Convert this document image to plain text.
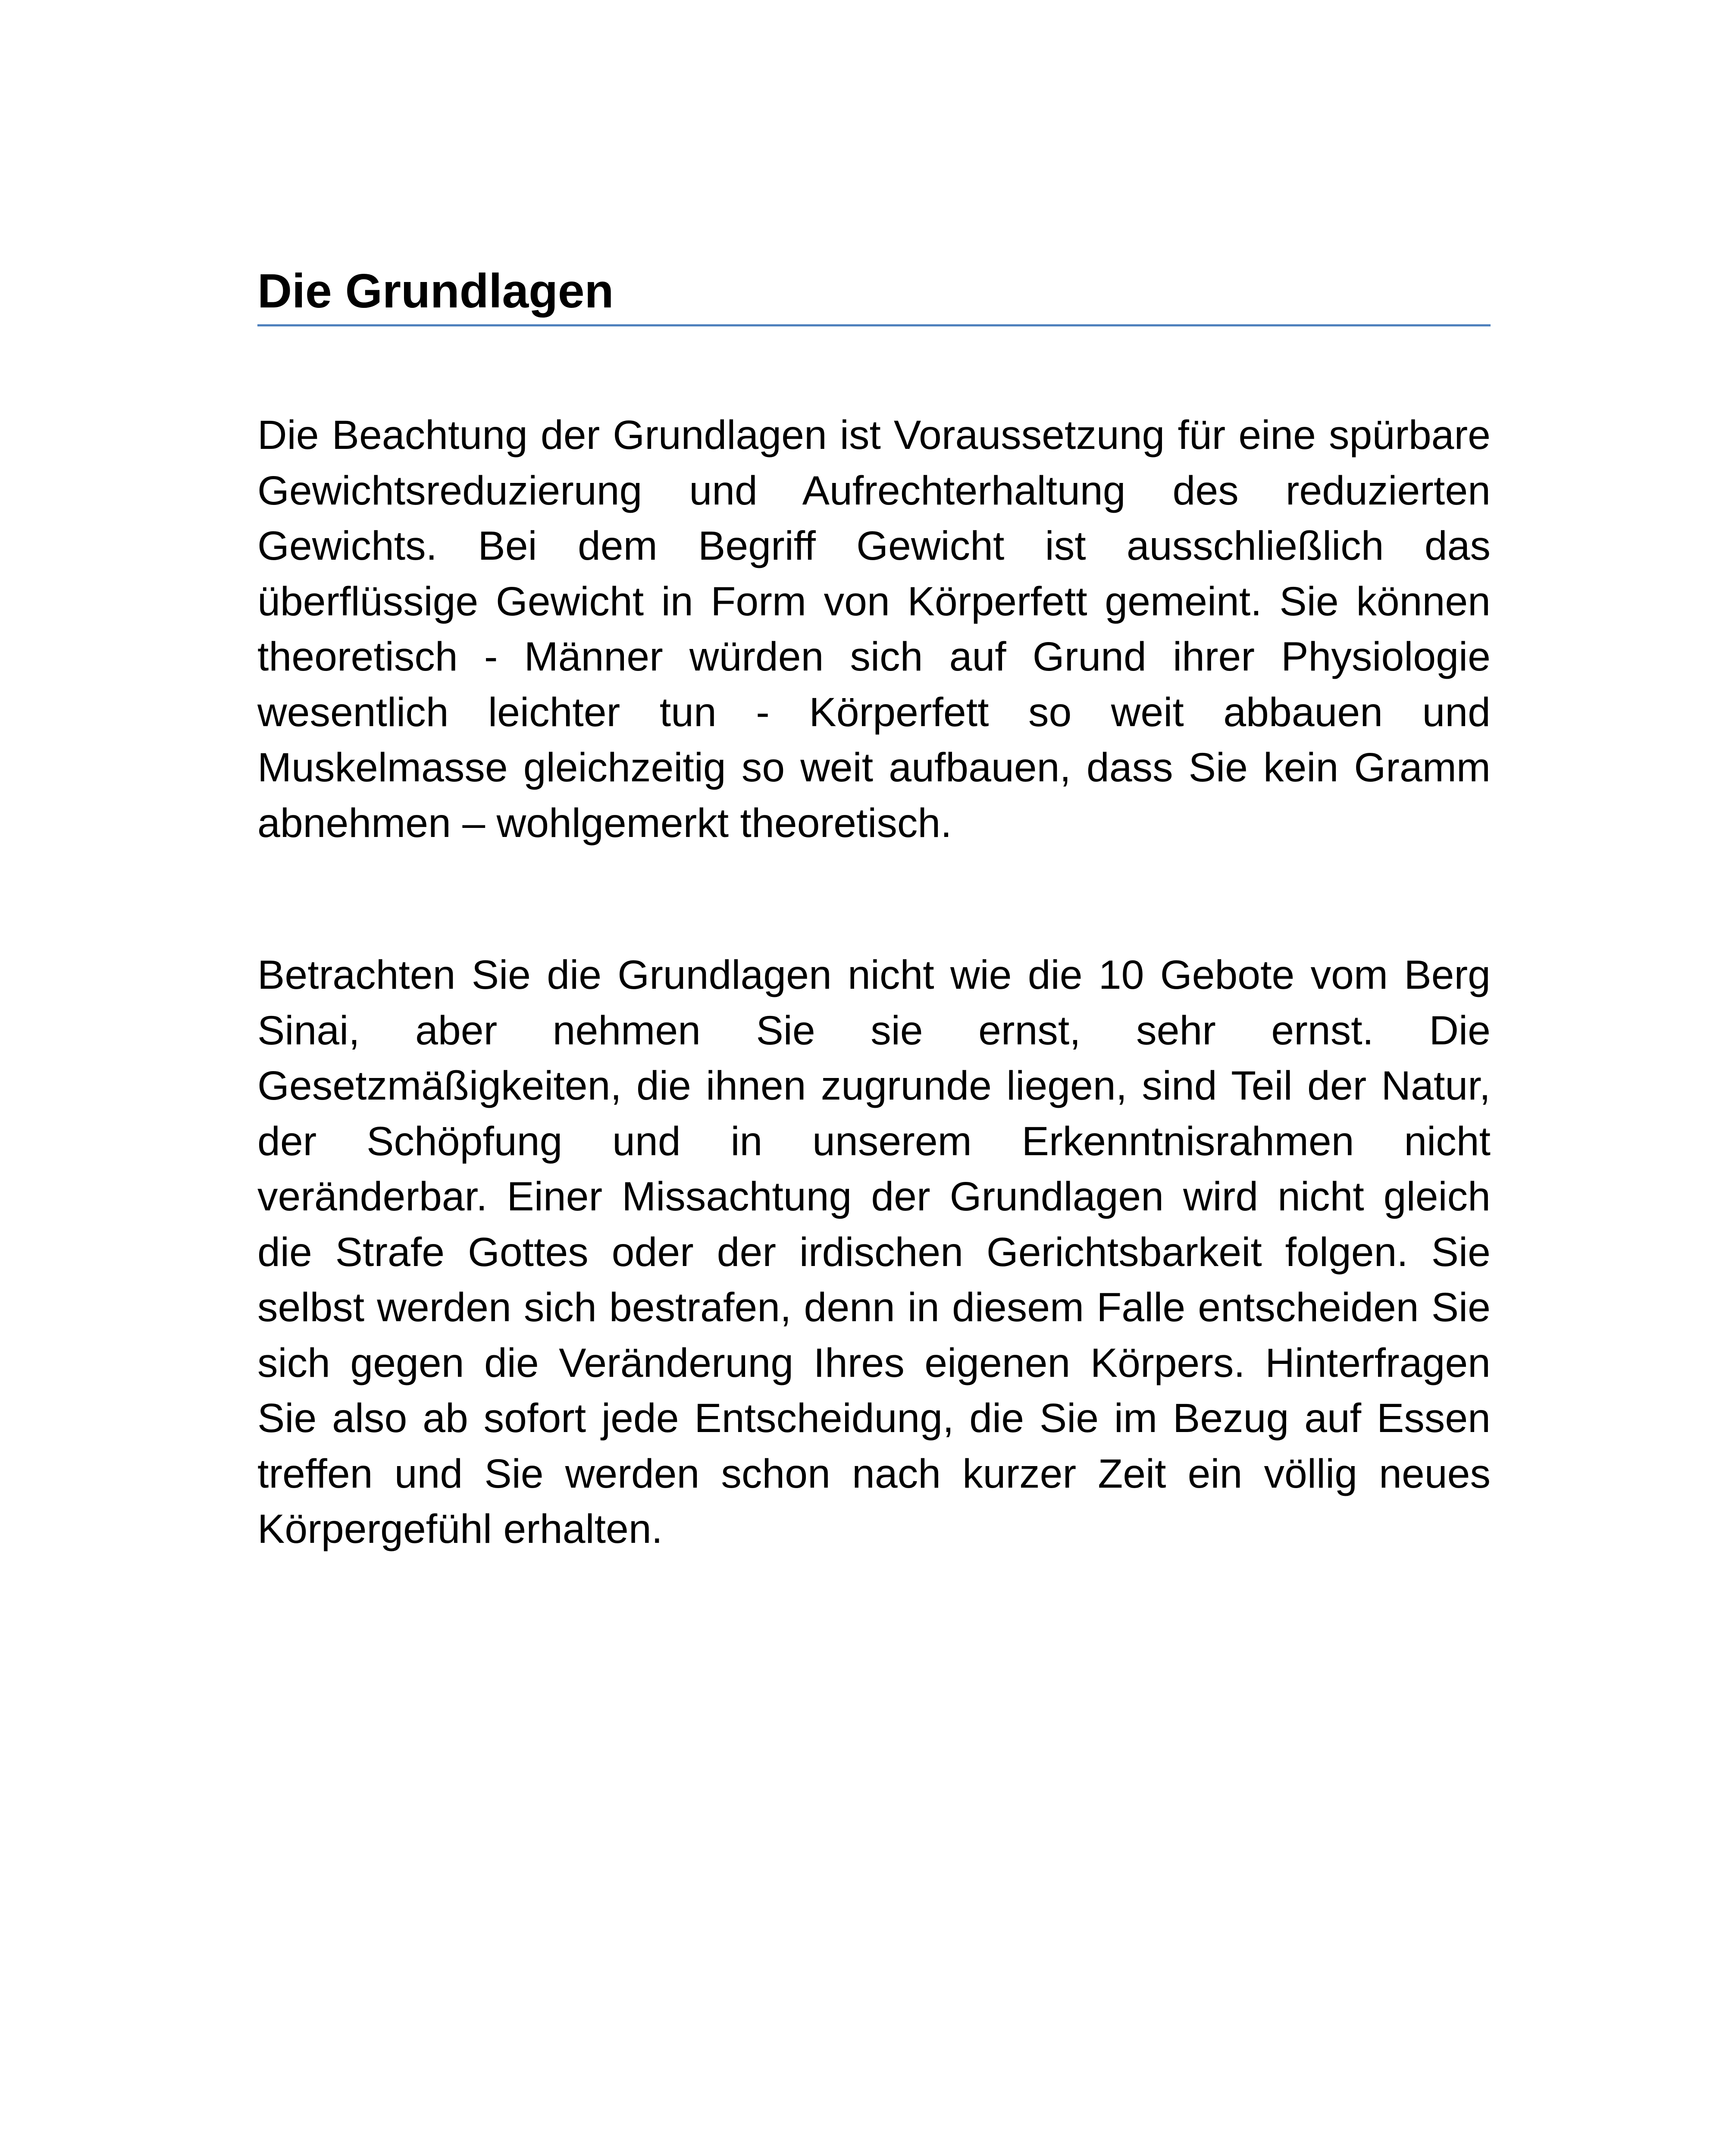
Die Grundlagen

Die Beachtung der Grundlagen ist Voraussetzung für eine spürbare Gewichtsreduzierung und Aufrechterhaltung des reduzierten Gewichts. Bei dem Begriff Gewicht ist ausschließlich das überflüssige Gewicht in Form von Körperfett gemeint. Sie können theoretisch - Männer würden sich auf Grund ihrer Physiologie wesentlich leichter tun - Körperfett so weit abbauen und Muskelmasse gleichzeitig so weit aufbauen, dass Sie kein Gramm abnehmen – wohlgemerkt theoretisch.

Betrachten Sie die Grundlagen nicht wie die 10 Gebote vom Berg Sinai, aber nehmen Sie sie ernst, sehr ernst. Die Gesetzmäßigkeiten, die ihnen zugrunde liegen, sind Teil der Natur, der Schöpfung und in unserem Erkenntnisrahmen nicht veränderbar. Einer Missachtung der Grundlagen wird nicht gleich die Strafe Gottes oder der irdischen Gerichtsbarkeit folgen. Sie selbst werden sich bestrafen, denn in diesem Falle entscheiden Sie sich gegen die Veränderung Ihres eigenen Körpers. Hinterfragen Sie also ab sofort jede Entscheidung, die Sie im Bezug auf Essen treffen und Sie werden schon nach kurzer Zeit ein völlig neues Körpergefühl erhalten.
